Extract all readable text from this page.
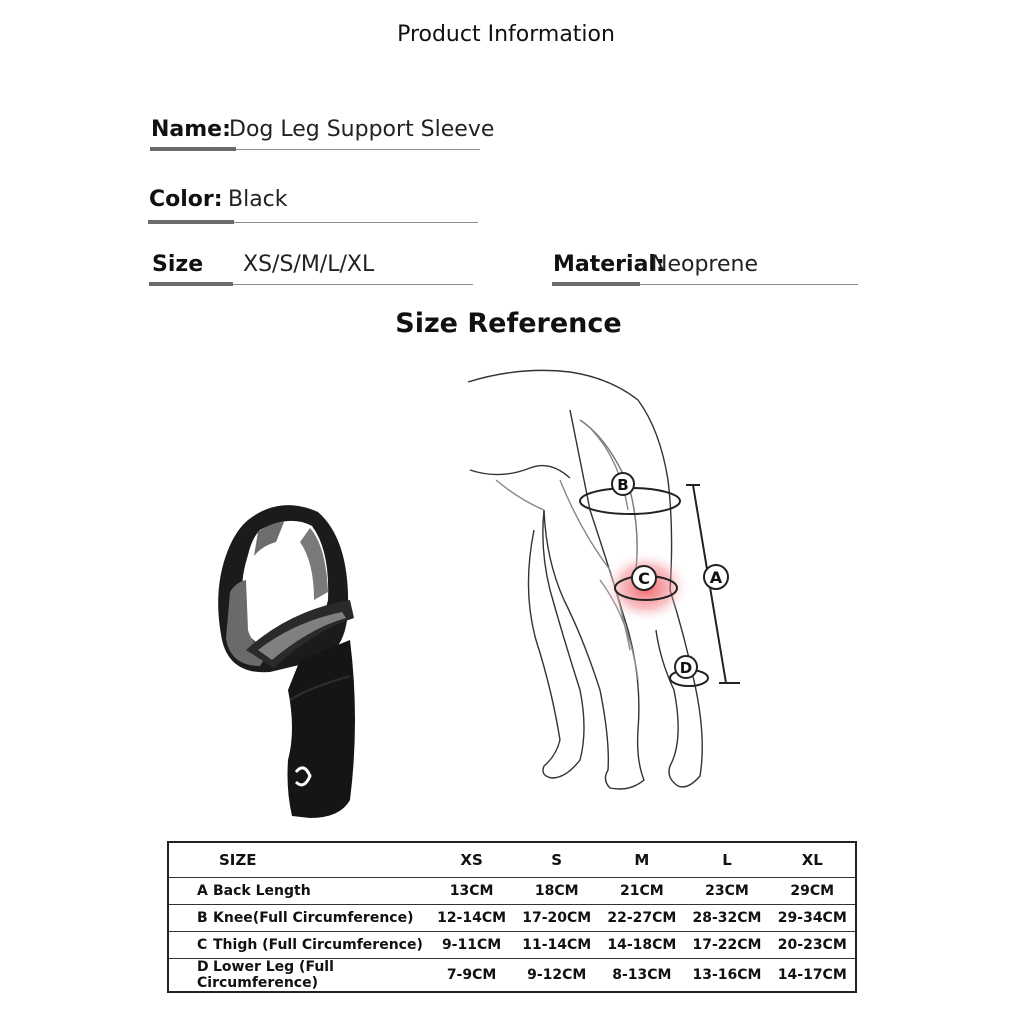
Product Information
Name:
Dog Leg Support Sleeve
Color: Black
Size XS/S/M/L/XL	Material:
Neoprene
Size Reference
B
C	A
D
SIZE	XS	S	M	L	XL
A Back Length	13CM	18CM	21CM	23CM	29CM
B Knee(Full Circumference)	12-14CM	17-20CM	22-27CM	28-32CM	29-34CM
C Thigh (Full Circumference)	9-11CM	11-14CM	14-18CM	17-22CM	20-23CM
D Lower Leg (Full Circumference)	7-9CM	9-12CM	8-13CM	13-16CM	14-17CM
